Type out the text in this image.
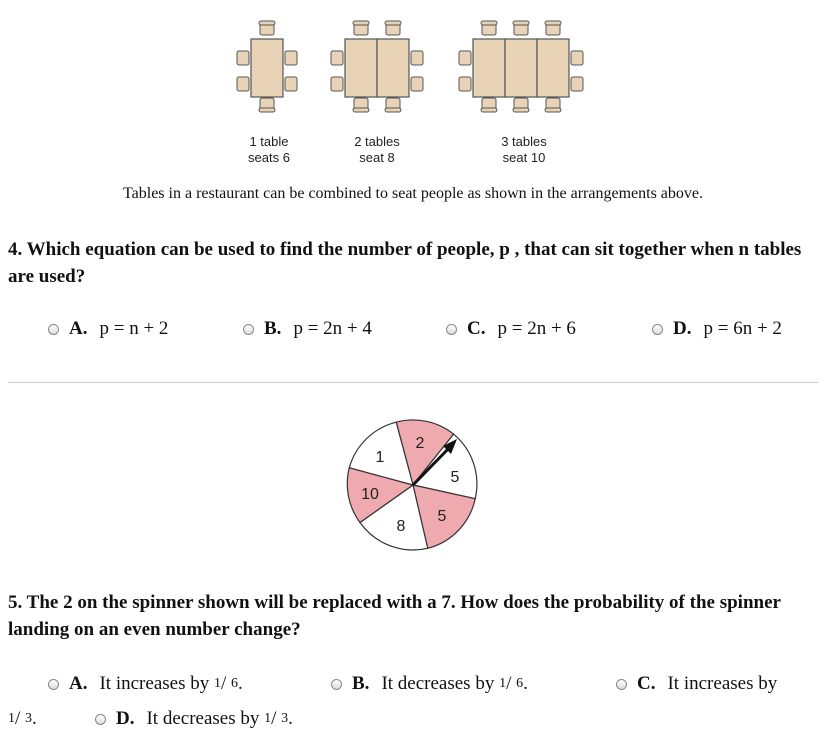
1 table
seats 6
2 tables
seat 8
3 tables
seat 10
Tables in a restaurant can be combined to seat people as shown in the arrangements above.
4. Which equation can be used to find the number of people, p , that can sit together when n tables are used?
A. p = n + 2	B. p = 2n + 4	C. p = 2n + 6	D. p = 6n + 2
2
5
5
8
10
1
5. The 2 on the spinner shown will be replaced with a 7. How does the probability of the spinner landing on an even number change?
A. It increases by
1 / 6 .	B. It decreases by
1 / 6 .	C. It increases by
1 / 3 .	D. It decreases by
1 / 3 .
